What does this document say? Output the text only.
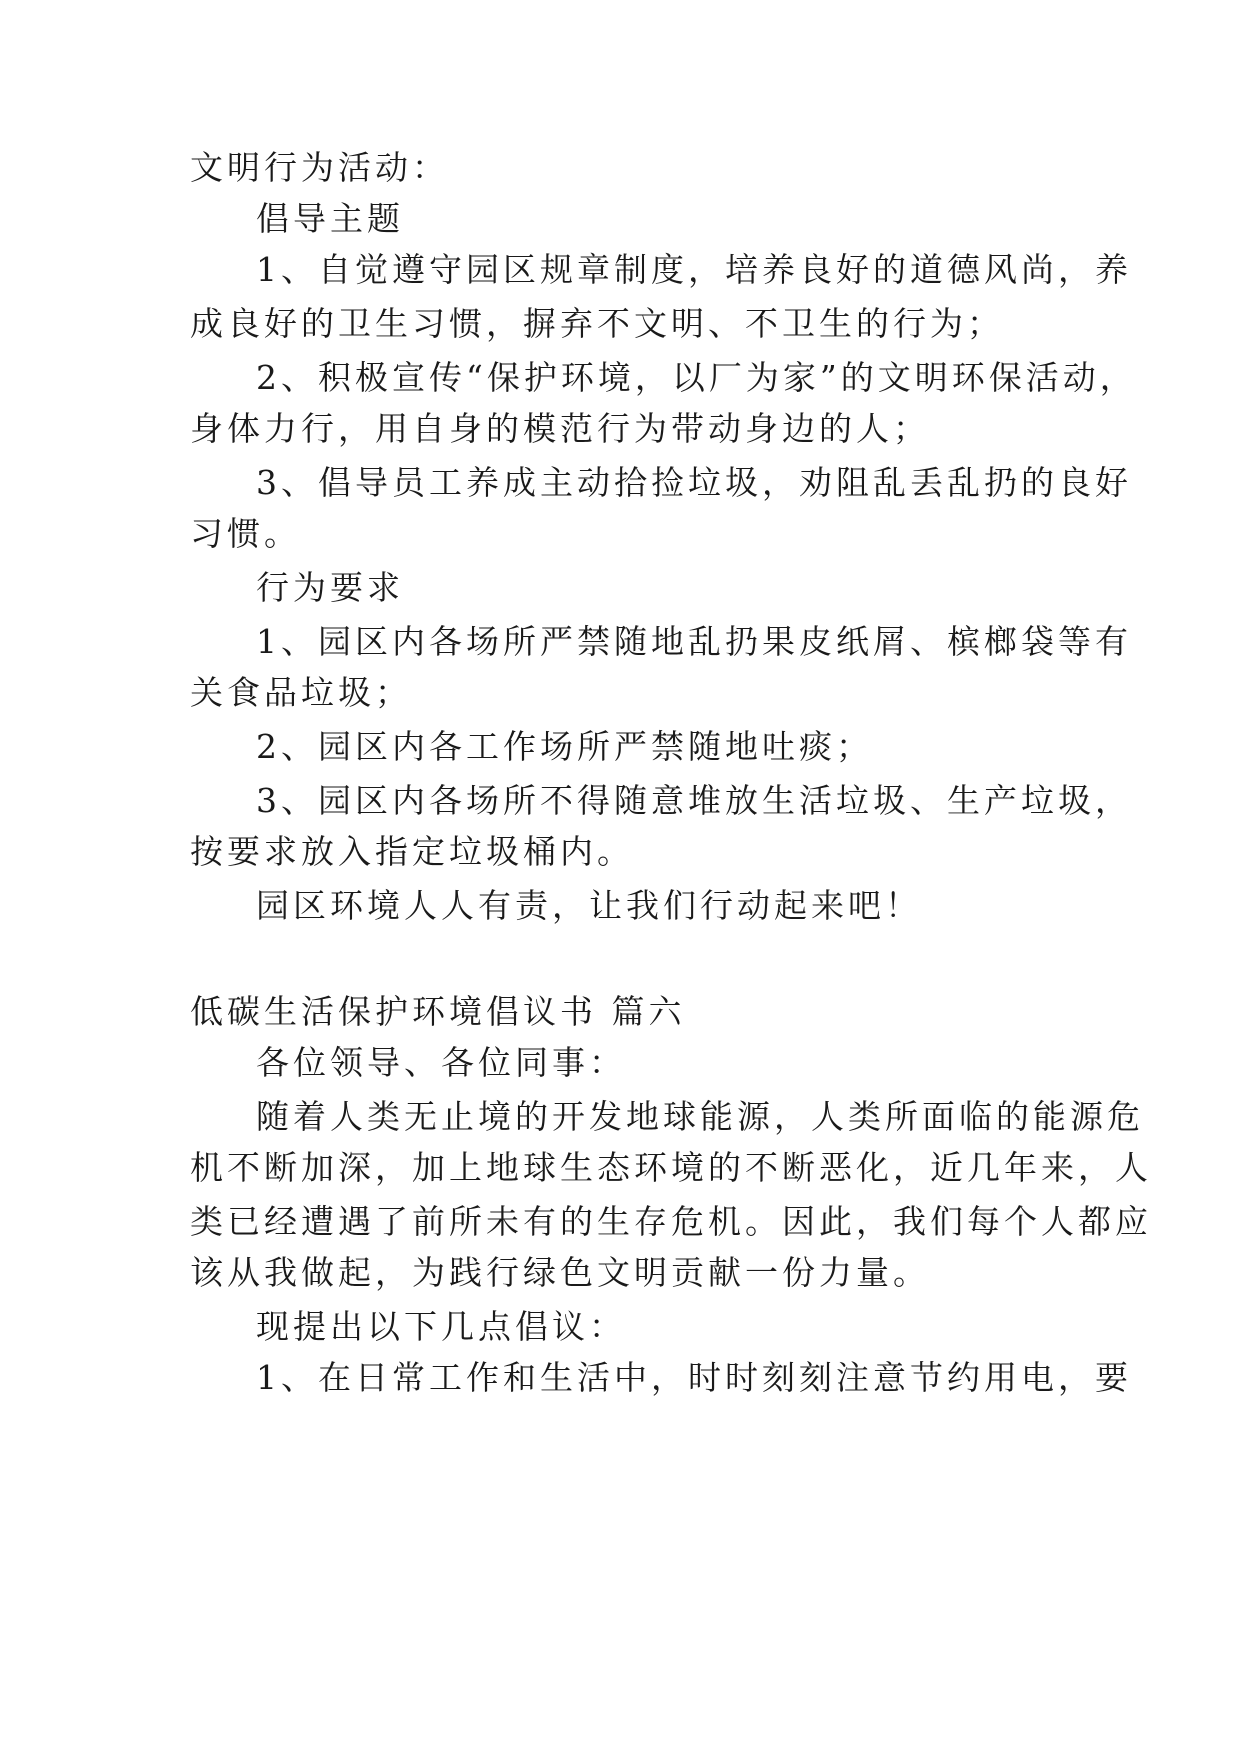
文明行为活动：

倡导主题

1、自觉遵守园区规章制度，培养良好的道德风尚，养

成良好的卫生习惯，摒弃不文明、不卫生的行为；

2、积极宣传“保护环境，以厂为家”的文明环保活动，

身体力行，用自身的模范行为带动身边的人；

3、倡导员工养成主动拾捡垃圾，劝阻乱丢乱扔的良好

习惯。

行为要求

1、园区内各场所严禁随地乱扔果皮纸屑、槟榔袋等有

关食品垃圾；

2、园区内各工作场所严禁随地吐痰；

3、园区内各场所不得随意堆放生活垃圾、生产垃圾，

按要求放入指定垃圾桶内。

园区环境人人有责，让我们行动起来吧！

低碳生活保护环境倡议书 篇六

各位领导、各位同事：

随着人类无止境的开发地球能源，人类所面临的能源危

机不断加深，加上地球生态环境的不断恶化，近几年来，人

类已经遭遇了前所未有的生存危机。因此，我们每个人都应

该从我做起，为践行绿色文明贡献一份力量。

现提出以下几点倡议：

1、在日常工作和生活中，时时刻刻注意节约用电，要
